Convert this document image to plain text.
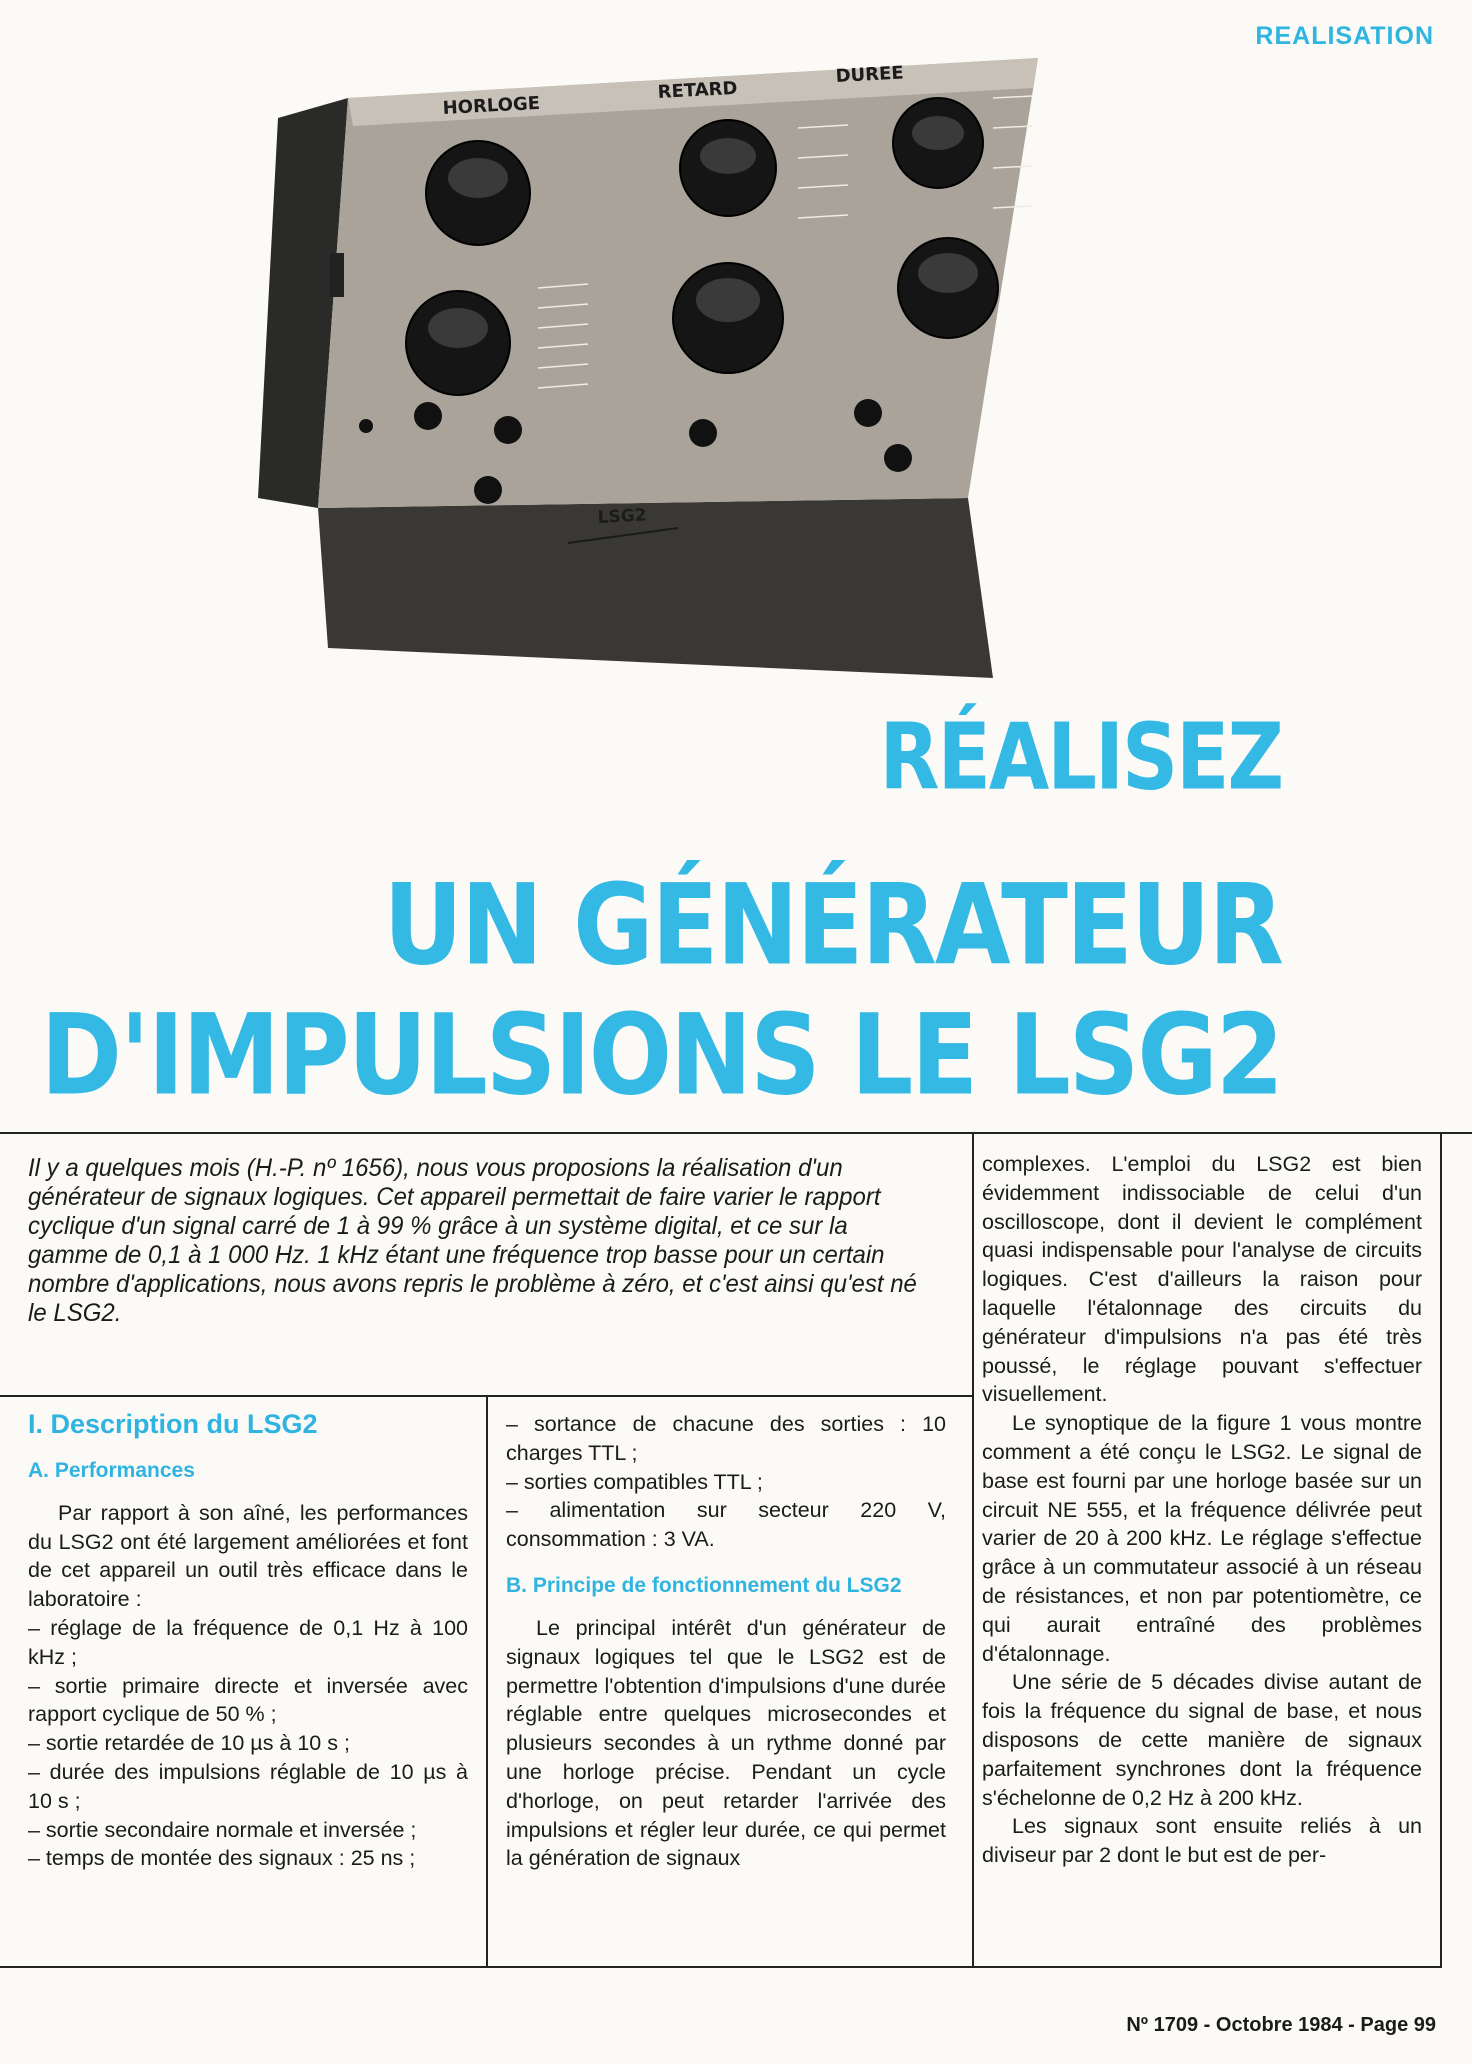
REALISATION
HORLOGE
RETARD
DUREE
LSG2
RÉALISEZ
UN GÉNÉRATEUR
D'IMPULSIONS LE LSG2
Il y a quelques mois (H.-P. nº 1656), nous vous proposions la réalisation d'un générateur de signaux logiques. Cet appareil permettait de faire varier le rapport cyclique d'un signal carré de 1 à 99 % grâce à un système digital, et ce sur la gamme de 0,1 à 1 000 Hz. 1 kHz étant une fréquence trop basse pour un certain nombre d'applications, nous avons repris le problème à zéro, et c'est ainsi qu'est né le LSG2.
I. Description du LSG2
A. Performances

Par rapport à son aîné, les performances du LSG2 ont été largement améliorées et font de cet appareil un outil très efficace dans le laboratoire :

– réglage de la fréquence de 0,1 Hz à 100 kHz ;

– sortie primaire directe et inversée avec rapport cyclique de 50 % ;

– sortie retardée de 10 µs à 10 s ;

– durée des impulsions réglable de 10 µs à 10 s ;

– sortie secondaire normale et inversée ;

– temps de montée des signaux : 25 ns ;

– sortance de chacune des sorties : 10 charges TTL ;

– sorties compatibles TTL ;

– alimentation sur secteur 220 V, consommation : 3 VA.

B. Principe de fonctionnement du LSG2

Le principal intérêt d'un générateur de signaux logiques tel que le LSG2 est de permettre l'obtention d'impulsions d'une durée réglable entre quelques microsecondes et plusieurs secondes à un rythme donné par une horloge précise. Pendant un cycle d'horloge, on peut retarder l'arrivée des impulsions et régler leur durée, ce qui permet la génération de signaux

complexes. L'emploi du LSG2 est bien évidemment indissociable de celui d'un oscilloscope, dont il devient le complément quasi indispensable pour l'analyse de circuits logiques. C'est d'ailleurs la raison pour laquelle l'étalonnage des circuits du générateur d'impulsions n'a pas été très poussé, le réglage pouvant s'effectuer visuellement.

Le synoptique de la figure 1 vous montre comment a été conçu le LSG2. Le signal de base est fourni par une horloge basée sur un circuit NE 555, et la fréquence délivrée peut varier de 20 à 200 kHz. Le réglage s'effectue grâce à un commutateur associé à un réseau de résistances, et non par potentiomètre, ce qui aurait entraîné des problèmes d'étalonnage.

Une série de 5 décades divise autant de fois la fréquence du signal de base, et nous disposons de cette manière de signaux parfaitement synchrones dont la fréquence s'échelonne de 0,2 Hz à 200 kHz.

Les signaux sont ensuite reliés à un diviseur par 2 dont le but est de per-

Nº 1709 - Octobre 1984 - Page 99
